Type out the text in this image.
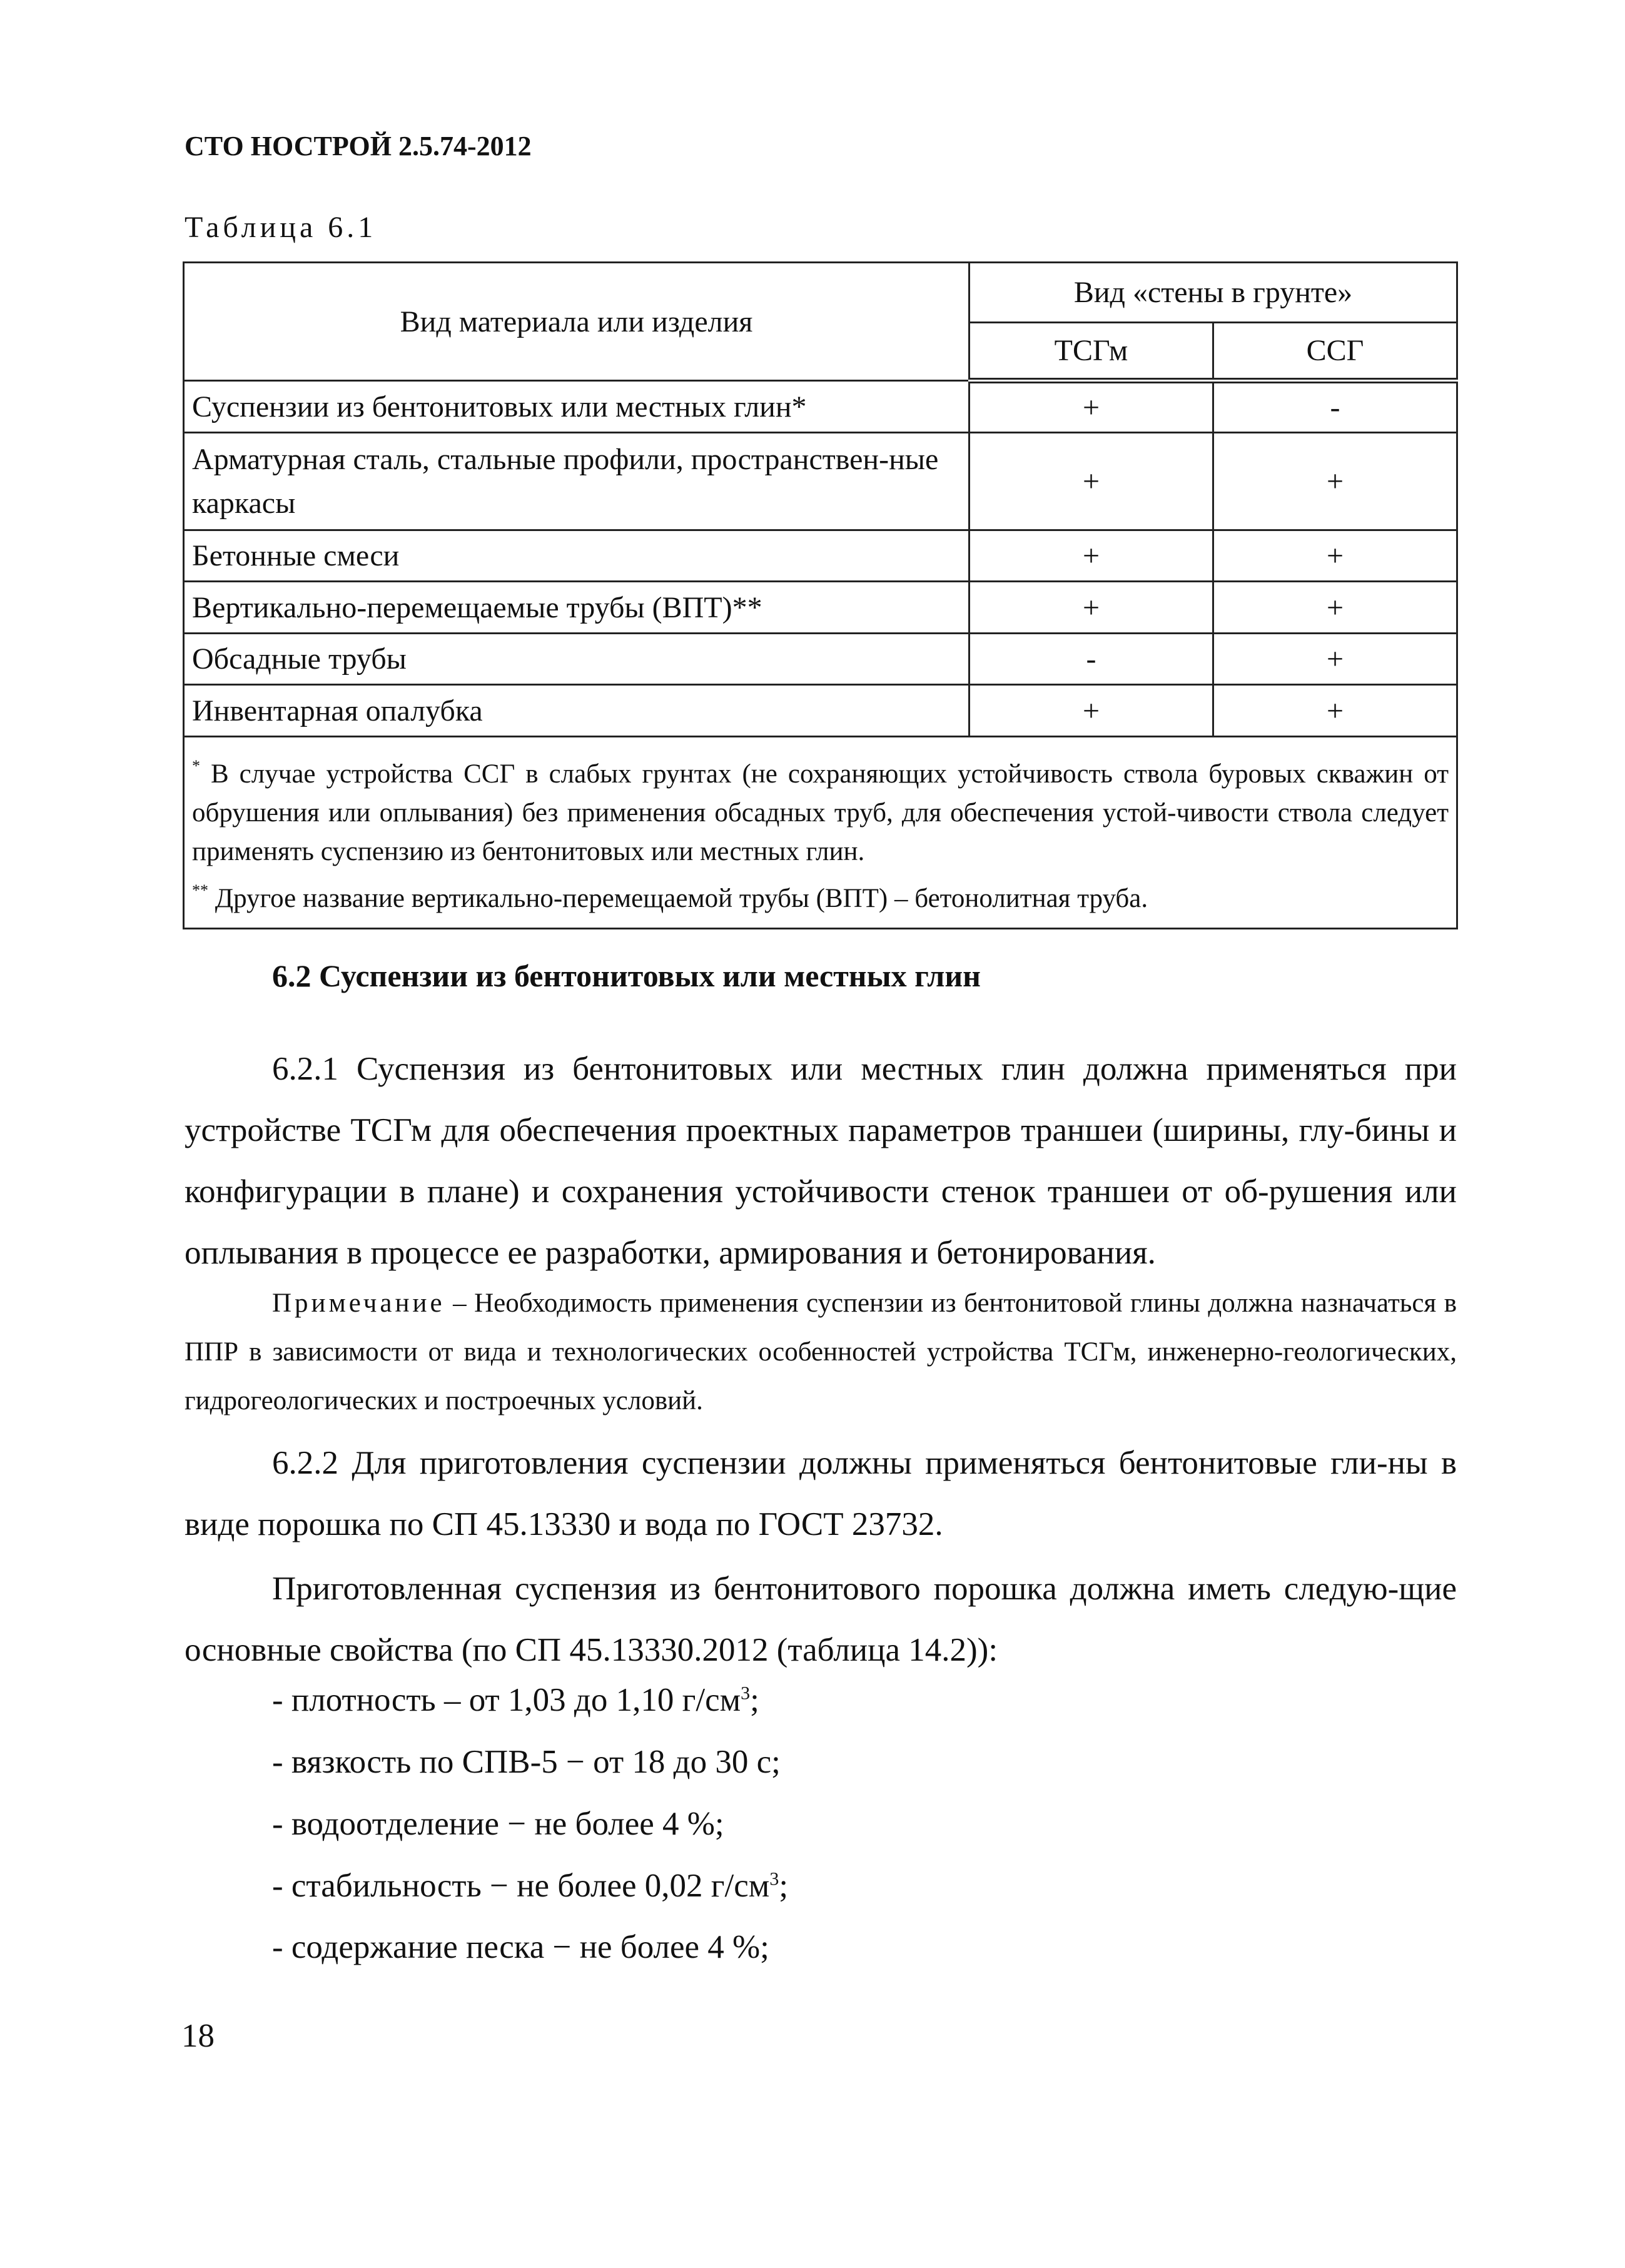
СТО НОСТРОЙ 2.5.74-2012
Таблица 6.1
Вид материала или изделия	Вид «стены в грунте»	
	ТСГм	ССГ
Суспензии из бентонитовых или местных глин*	+	-
Арматурная сталь, стальные профили, пространствен-ные каркасы	+	+
Бетонные смеси	+	+
Вертикально-перемещаемые трубы (ВПТ)**	+	+
Обсадные трубы	-	+
Инвентарная опалубка	+	+

* В случае устройства ССГ в слабых грунтах (не сохраняющих устойчивость ствола буровых скважин от обрушения или оплывания) без применения обсадных труб, для обеспечения устой-чивости ствола следует применять суспензию из бентонитовых или местных глин.
** Другое название вертикально-перемещаемой трубы (ВПТ) – бетонолитная труба.		
6.2 Суспензии из бентонитовых или местных глин
6.2.1 Суспензия из бентонитовых или местных глин должна применяться при устройстве ТСГм для обеспечения проектных параметров траншеи (ширины, глу-бины и конфигурации в плане) и сохранения устойчивости стенок траншеи от об-рушения или оплывания в процессе ее разработки, армирования и бетонирования.
Примечание – Необходимость применения суспензии из бентонитовой глины должна назначаться в ППР в зависимости от вида и технологических особенностей устройства ТСГм, инженерно-геологических, гидрогеологических и построечных условий.
6.2.2 Для приготовления суспензии должны применяться бентонитовые гли-ны в виде порошка по СП 45.13330 и вода по ГОСТ 23732.
Приготовленная суспензия из бентонитового порошка должна иметь следую-щие основные свойства (по СП 45.13330.2012 (таблица 14.2)):
- плотность – от 1,03 до 1,10 $г/см^3$;
- вязкость по СПВ-5 − от 18 до 30 с;
- водоотделение − не более 4 %;
- стабильность − не более 0,02 $г/см^3$;
- содержание песка − не более 4 %;
18
